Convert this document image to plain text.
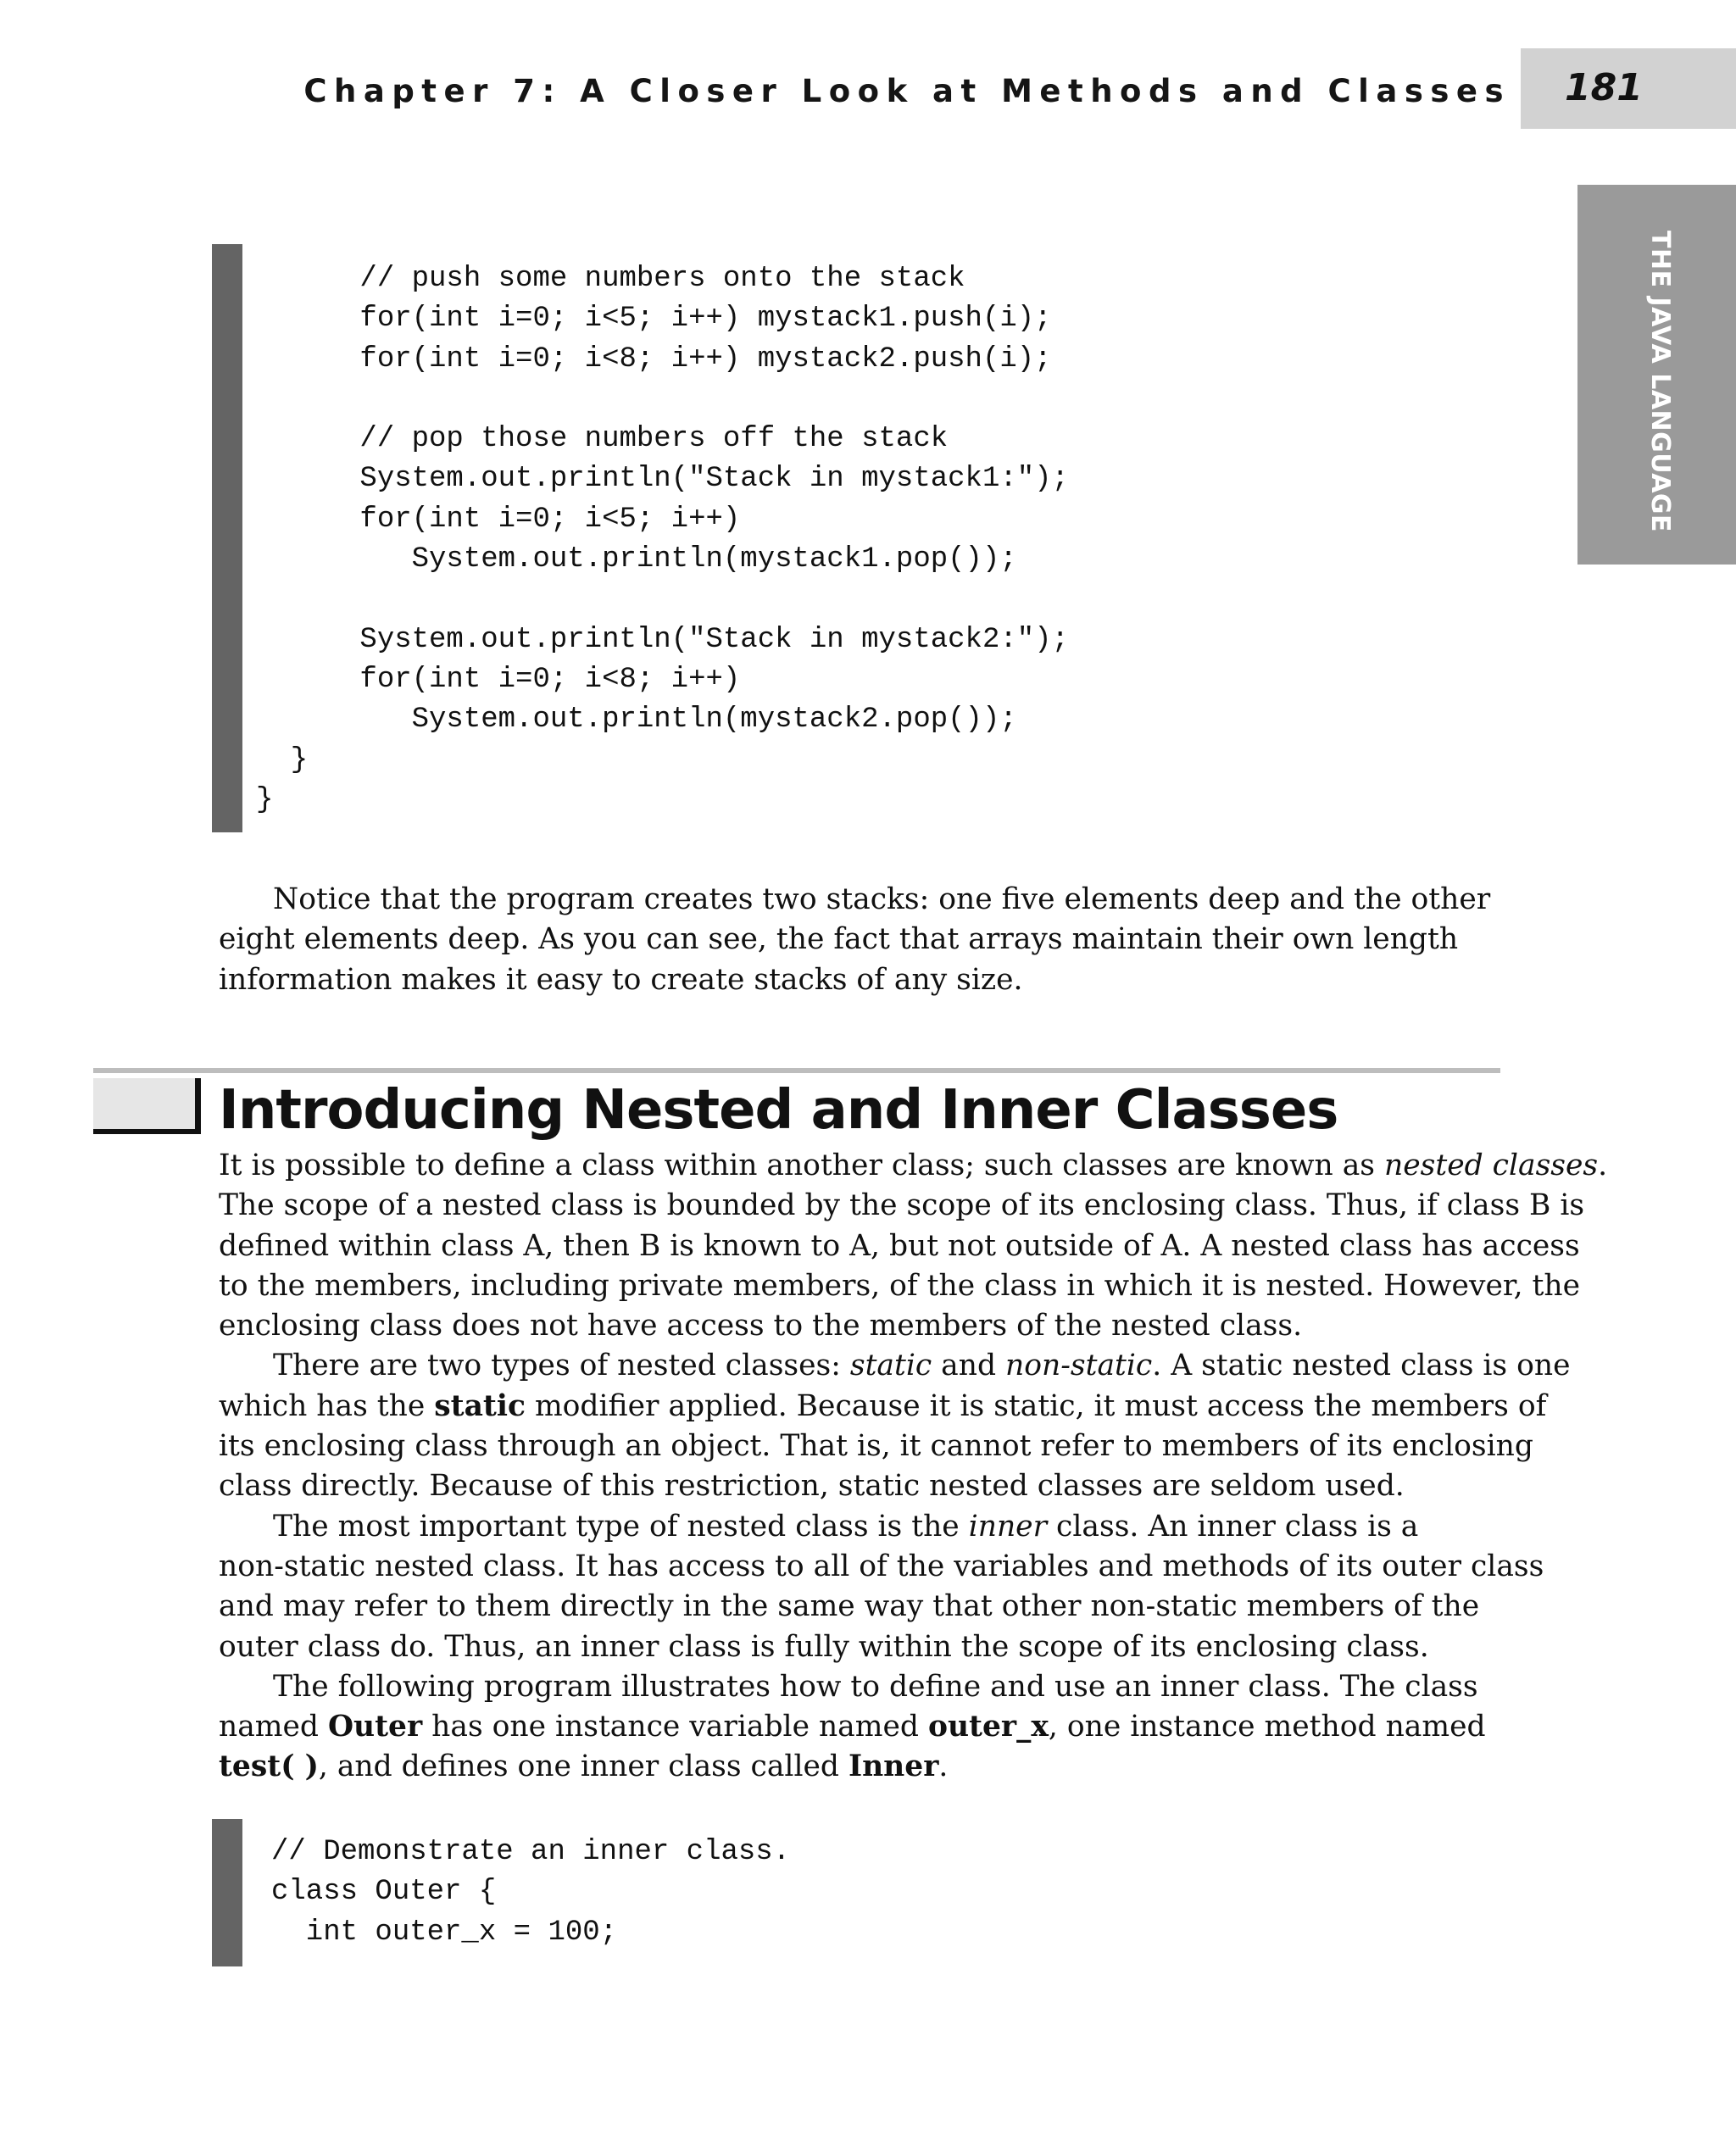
Chapter 7: A Closer Look at Methods and Classes 181
THE JAVA LANGUAGE
// push some numbers onto the stack
for(int i=0; i<5; i++) mystack1.push(i);
for(int i=0; i<8; i++) mystack2.push(i);

// pop those numbers off the stack
System.out.println("Stack in mystack1:");
for(int i=0; i<5; i++)
System.out.println(mystack1.pop());

System.out.println("Stack in mystack2:");
for(int i=0; i<8; i++)
System.out.println(mystack2.pop());
}
}

Notice that the program creates two stacks: one five elements deep and the other
eight elements deep. As you can see, the fact that arrays maintain their own length
information makes it easy to create stacks of any size.

Introducing Nested and Inner Classes
It is possible to define a class within another class; such classes are known as nested classes.
The scope of a nested class is bounded by the scope of its enclosing class. Thus, if class B is
defined within class A, then B is known to A, but not outside of A. A nested class has access
to the members, including private members, of the class in which it is nested. However, the
enclosing class does not have access to the members of the nested class.
There are two types of nested classes: static and non-static. A static nested class is one
which has the static modifier applied. Because it is static, it must access the members of
its enclosing class through an object. That is, it cannot refer to members of its enclosing
class directly. Because of this restriction, static nested classes are seldom used.
The most important type of nested class is the inner class. An inner class is a
non-static nested class. It has access to all of the variables and methods of its outer class
and may refer to them directly in the same way that other non-static members of the
outer class do. Thus, an inner class is fully within the scope of its enclosing class.
The following program illustrates how to define and use an inner class. The class
named Outer has one instance variable named outer_x, one instance method named
test( ), and defines one inner class called Inner.
// Demonstrate an inner class.
class Outer {
int outer_x = 100;
